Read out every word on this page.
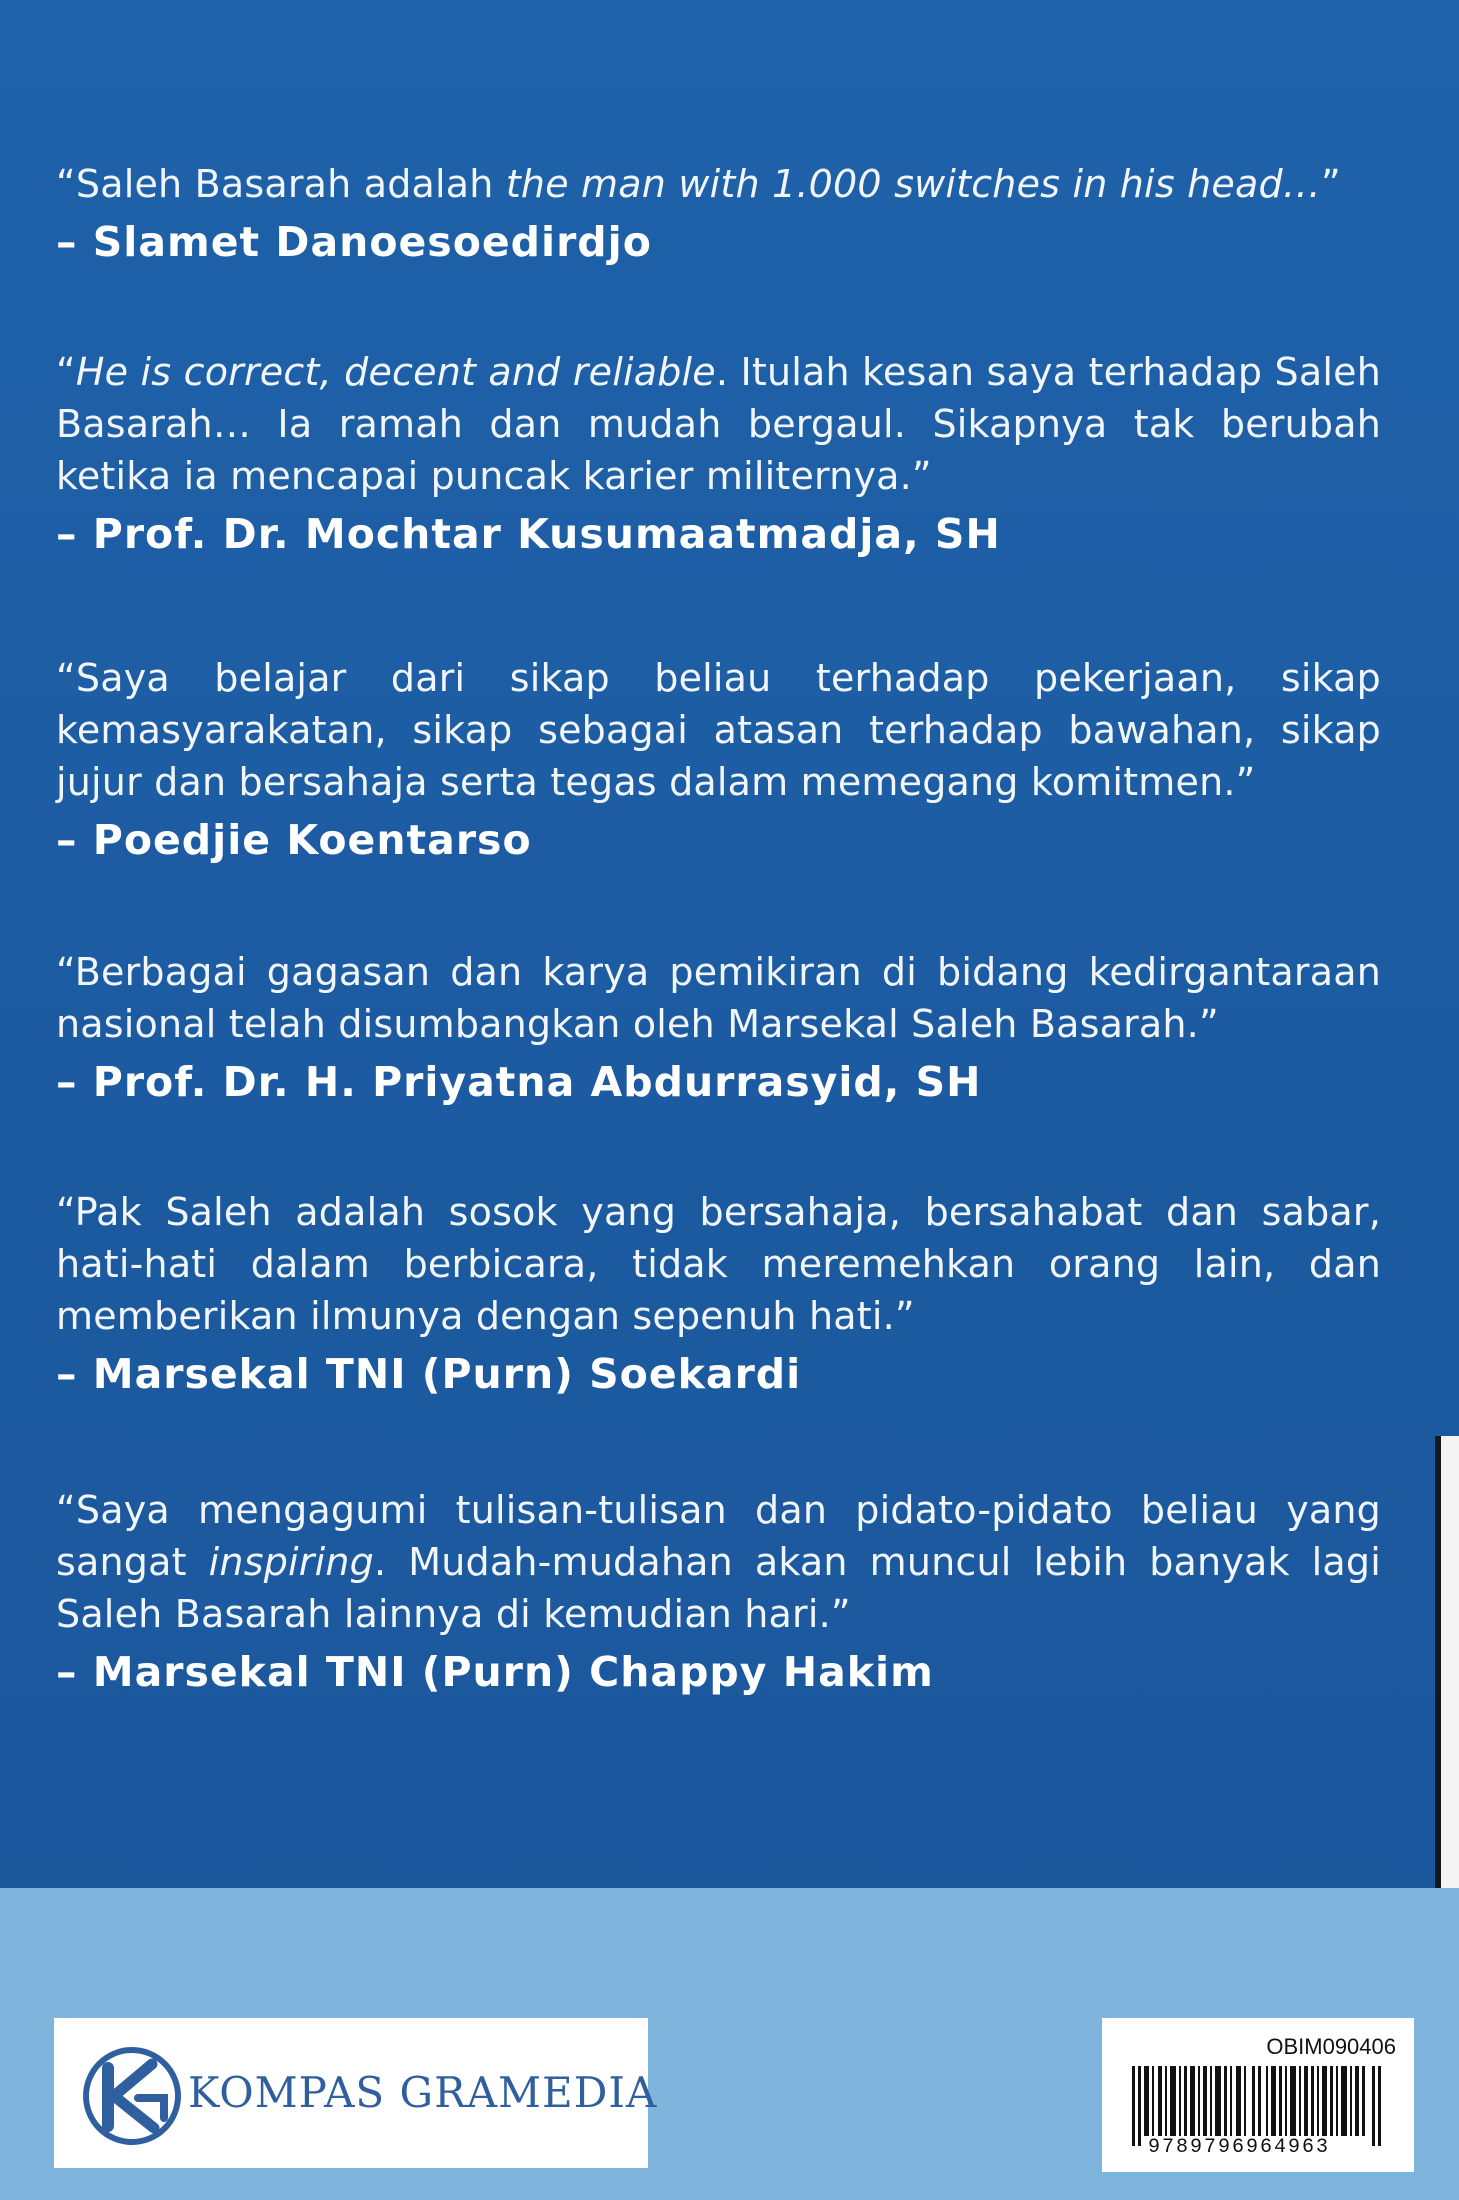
“Saleh Basarah adalah the man with 1.000 switches in his head…”

– Slamet Danoesoedirdjo

“He is correct, decent and reliable. Itulah kesan saya terhadap Saleh Basarah… Ia ramah dan mudah bergaul. Sikapnya tak berubah ketika ia mencapai puncak karier militernya.”

– Prof. Dr. Mochtar Kusumaatmadja, SH

“Saya belajar dari sikap beliau terhadap pekerjaan, sikap kemasyarakatan, sikap sebagai atasan terhadap bawahan, sikap jujur dan bersahaja serta tegas dalam memegang komitmen.”

– Poedjie Koentarso

“Berbagai gagasan dan karya pemikiran di bidang kedirgantaraan nasional telah disumbangkan oleh Marsekal Saleh Basarah.”

– Prof. Dr. H. Priyatna Abdurrasyid, SH

“Pak Saleh adalah sosok yang bersahaja, bersahabat dan sabar, hati-hati dalam berbicara, tidak meremehkan orang lain, dan memberikan ilmunya dengan sepenuh hati.”

– Marsekal TNI (Purn) Soekardi

“Saya mengagumi tulisan-tulisan dan pidato-pidato beliau yang sangat inspiring. Mudah-mudahan akan muncul lebih banyak lagi Saleh Basarah lainnya di kemudian hari.”

– Marsekal TNI (Purn) Chappy Hakim

KOMPAS GRAMEDIA
OBIM090406
9789796964963
